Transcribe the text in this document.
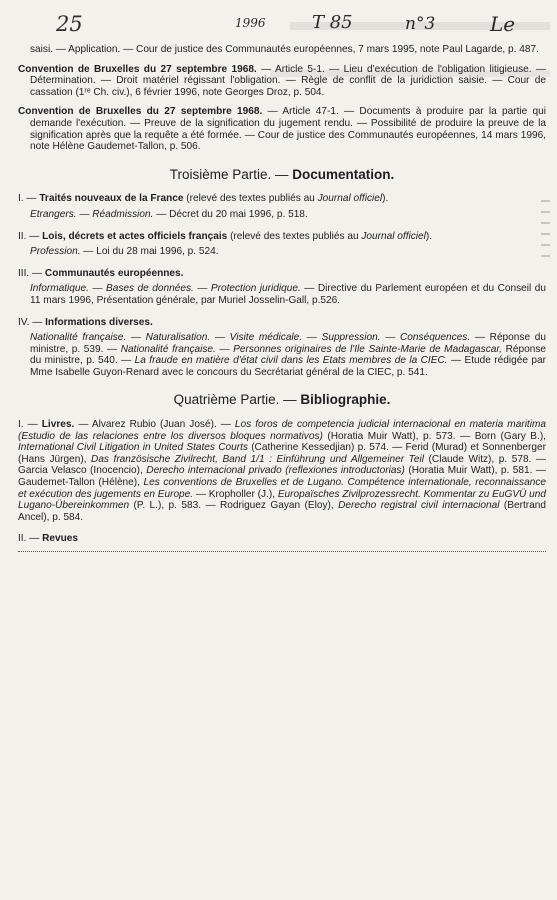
25	1996	T 85	n°3	Le

saisi. — Application. — Cour de justice des Communautés européennes, 7 mars 1995, note Paul Lagarde, p. 487.

Convention de Bruxelles du 27 septembre 1968. — Article 5-1. — Lieu d'exécution de l'obligation litigieuse. — Détermination. — Droit matériel régissant l'obligation. — Règle de conflit de la juridiction saisie. — Cour de cassation (1ʳᵉ Ch. civ.), 6 février 1996, note Georges Droz, p. 504.

Convention de Bruxelles du 27 septembre 1968. — Article 47-1. — Documents à produire par la partie qui demande l'exécution. — Preuve de la signification du jugement rendu. — Possibilité de produire la preuve de la signification après que la requête a été formée. — Cour de justice des Communautés européennes, 14 mars 1996, note Hélène Gaudemet-Tallon, p. 506.

Troisième Partie. — Documentation.
I. — Traités nouveaux de la France (relevé des textes publiés au Journal officiel).
Etrangers. — Réadmission. — Décret du 20 mai 1996, p. 518.
II. — Lois, décrets et actes officiels français (relevé des textes publiés au Journal officiel).
Profession. — Loi du 28 mai 1996, p. 524.
III. — Communautés européennes.
Informatique. — Bases de données. — Protection juridique. — Directive du Parlement européen et du Conseil du 11 mars 1996, Présentation générale, par Muriel Josselin-Gall, p.526.
IV. — Informations diverses.
Nationalité française. — Naturalisation. — Visite médicale. — Suppression. — Conséquences. — Réponse du ministre, p. 539. — Nationalité française. — Personnes originaires de l'Ile Sainte-Marie de Madagascar, Réponse du ministre, p. 540. — La fraude en matière d'état civil dans les Etats membres de la CIEC. — Etude rédigée par Mme Isabelle Guyon-Renard avec le concours du Secrétariat général de la CIEC, p. 541.
Quatrième Partie. — Bibliographie.
I. — Livres. — Alvarez Rubio (Juan José). — Los foros de competencia judicial internacional en materia maritima (Estudio de las relaciones entre los diversos bloques normativos) (Horatia Muir Watt), p. 573. — Born (Gary B.), International Civil Litigation in United States Courts (Catherine Kessedjian) p. 574. — Ferid (Murad) et Sonnenberger (Hans Jürgen), Das französische Zivilrecht, Band 1/1 : Einführung und Allgemeiner Teil (Claude Witz), p. 578. —Garcia Velasco (Inocencio), Derecho internacional privado (reflexiones introductorias) (Horatia Muir Watt), p. 581. — Gaudemet-Tallon (Hélène), Les conventions de Bruxelles et de Lugano. Compétence internationale, reconnaissance et exécution des jugements en Europe. — Kropholler (J.), Europaïsches Zivilprozessrecht. Kommentar zu EuGVÜ und Lugano-Übereinkommen (P. L.), p. 583. — Rodriguez Gayan (Eloy), Derecho registral civil internacional (Bertrand Ancel), p. 584.
II. — Revues
